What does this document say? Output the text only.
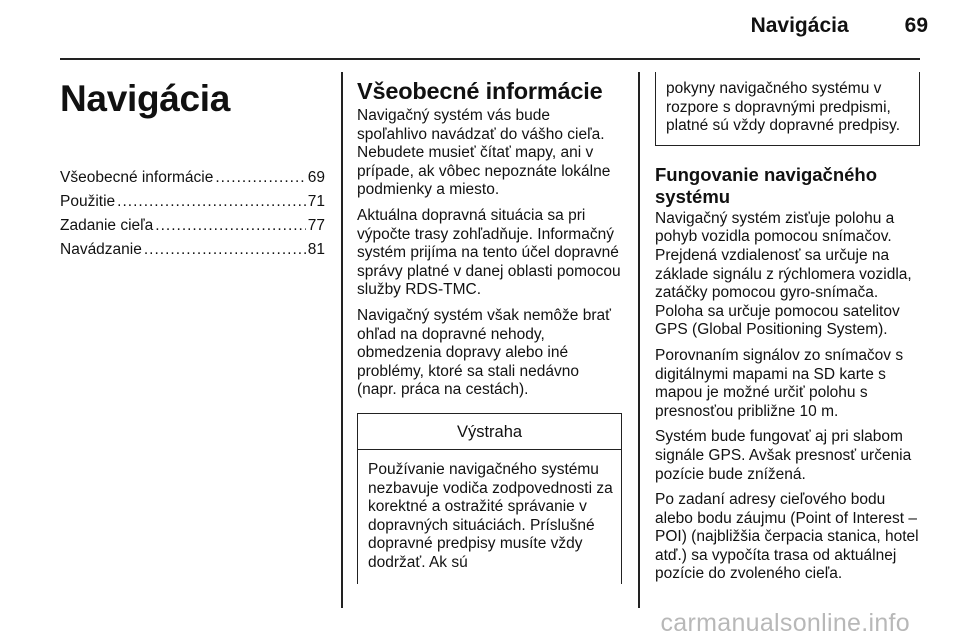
Navigácia	69
Navigácia
Všeobecné informácie .....	69
Použitie .....	71
Zadanie cieľa .....	77
Navádzanie .....	81
Všeobecné informácie

Navigačný systém vás bude spoľahlivo navádzať do vášho cieľa. Nebudete musieť čítať mapy, ani v prípade, ak vôbec nepoznáte lokálne podmienky a miesto.

Aktuálna dopravná situácia sa pri výpočte trasy zohľadňuje. Informačný systém prijíma na tento účel dopravné správy platné v danej oblasti pomocou služby RDS-TMC.

Navigačný systém však nemôže brať ohľad na dopravné nehody, obmedzenia dopravy alebo iné problémy, ktoré sa stali nedávno (napr. práca na cestách).

Výstraha
Používanie navigačného systému nezbavuje vodiča zodpovednosti za korektné a ostražité správanie v dopravných situáciách. Príslušné dopravné predpisy musíte vždy dodržať. Ak sú
pokyny navigačného systému v rozpore s dopravnými predpismi, platné sú vždy dopravné predpisy.
Fungovanie navigačného systému

Navigačný systém zisťuje polohu a pohyb vozidla pomocou snímačov. Prejdená vzdialenosť sa určuje na základe signálu z rýchlomera vozidla, zatáčky pomocou gyro-snímača. Poloha sa určuje pomocou satelitov GPS (Global Positioning System).

Porovnaním signálov zo snímačov s digitálnymi mapami na SD karte s mapou je možné určiť polohu s presnosťou približne 10 m.

Systém bude fungovať aj pri slabom signále GPS. Avšak presnosť určenia pozície bude znížená.

Po zadaní adresy cieľového bodu alebo bodu záujmu (Point of Interest – POI) (najbližšia čerpacia stanica, hotel atď.) sa vypočíta trasa od aktuálnej pozície do zvoleného cieľa.

carmanualsonline.info
